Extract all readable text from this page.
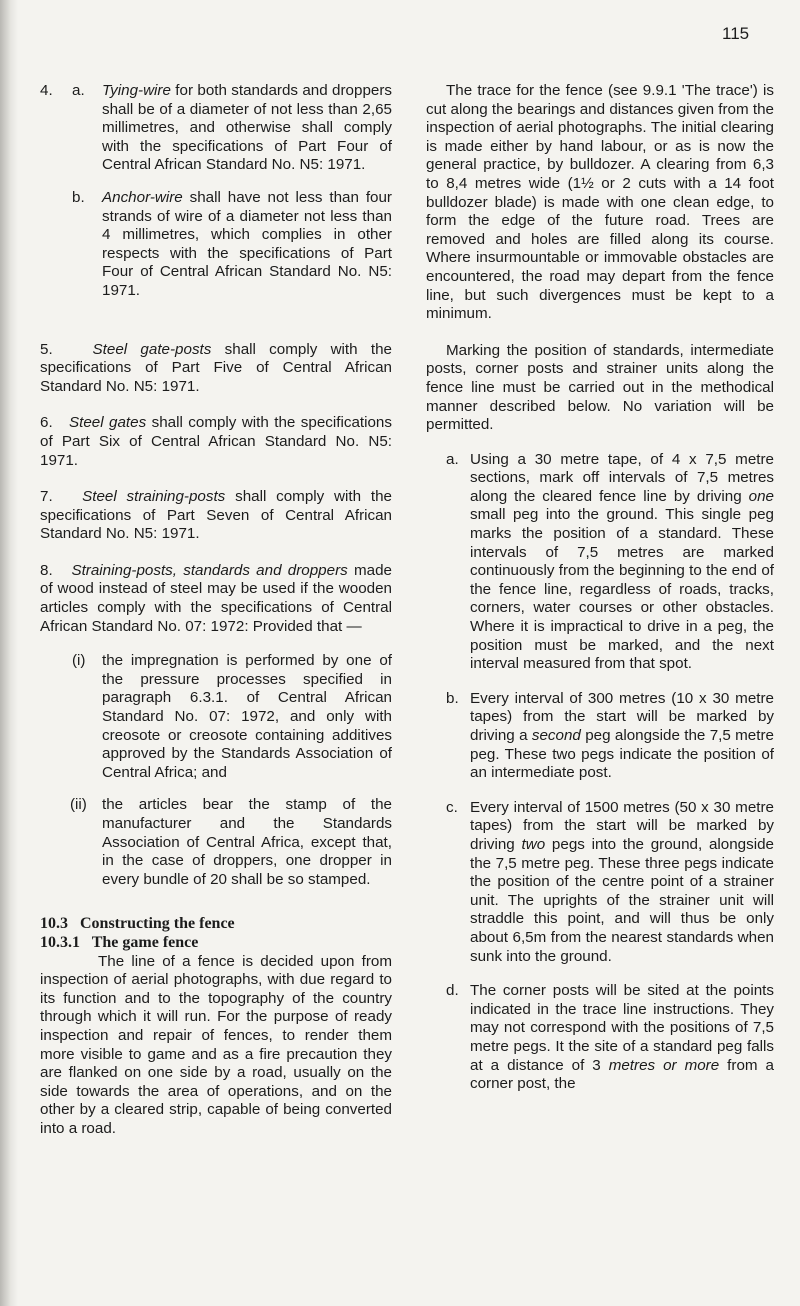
115
4. a. Tying-wire for both standards and droppers shall be of a diameter of not less than 2,65 millimetres, and otherwise shall comply with the specifications of Part Four of Central African Standard No. N5: 1971.

b. Anchor-wire shall have not less than four strands of wire of a diameter not less than 4 millimetres, which complies in other respects with the specifications of Part Four of Central African Standard No. N5: 1971.

5.	Steel gate-posts shall comply with the specifications of Part Five of Central African Standard No. N5: 1971.

6. Steel gates shall comply with the specifications of Part Six of Central African Standard No. N5: 1971.

7. Steel straining-posts shall comply with the specifications of Part Seven of Central African Standard No. N5: 1971.

8. Straining-posts, standards and droppers made of wood instead of steel may be used if the wooden articles comply with the specifications of Central African Standard No. 07: 1972: Provided that —

(i) the impregnation is performed by one of the pressure processes specified in paragraph 6.3.1. of Central African Standard No. 07: 1972, and only with creosote or creosote containing additives approved by the Standards Association of Central Africa; and

(ii) the articles bear the stamp of the manufacturer and the Standards Association of Central Africa, except that, in the case of droppers, one dropper in every bundle of 20 shall be so stamped.

10.3   Constructing the fence
10.3.1   The game fence

The line of a fence is decided upon from inspection of aerial photographs, with due regard to its function and to the topography of the country through which it will run. For the purpose of ready inspection and repair of fences, to render them more visible to game and as a fire precaution they are flanked on one side by a road, usually on the side towards the area of operations, and on the other by a cleared strip, capable of being converted into a road.

The trace for the fence (see 9.9.1 'The trace') is cut along the bearings and distances given from the inspection of aerial photographs. The initial clearing is made either by hand labour, or as is now the general practice, by bulldozer. A clearing from 6,3 to 8,4 metres wide (1½ or 2 cuts with a 14 foot bulldozer blade) is made with one clean edge, to form the edge of the future road. Trees are removed and holes are filled along its course. Where insurmountable or immovable obstacles are encountered, the road may depart from the fence line, but such divergences must be kept to a minimum.

Marking the position of standards, intermediate posts, corner posts and strainer units along the fence line must be carried out in the methodical manner described below. No variation will be permitted.

a. Using a 30 metre tape, of 4 x 7,5 metre sections, mark off intervals of 7,5 metres along the cleared fence line by driving one small peg into the ground. This single peg marks the position of a standard. These intervals of 7,5 metres are marked continuously from the beginning to the end of the fence line, regardless of roads, tracks, corners, water courses or other obstacles. Where it is impractical to drive in a peg, the position must be marked, and the next interval measured from that spot.

b. Every interval of 300 metres (10 x 30 metre tapes) from the start will be marked by driving a second peg alongside the 7,5 metre peg. These two pegs indicate the position of an intermediate post.

c. Every interval of 1500 metres (50 x 30 metre tapes) from the start will be marked by driving two pegs into the ground, alongside the 7,5 metre peg. These three pegs indicate the position of the centre point of a strainer unit. The uprights of the strainer unit will straddle this point, and will thus be only about 6,5m from the nearest standards when sunk into the ground.

d. The corner posts will be sited at the points indicated in the trace line instructions. They may not correspond with the positions of 7,5 metre pegs. It the site of a standard peg falls at a distance of 3 metres or more from a corner post, the
